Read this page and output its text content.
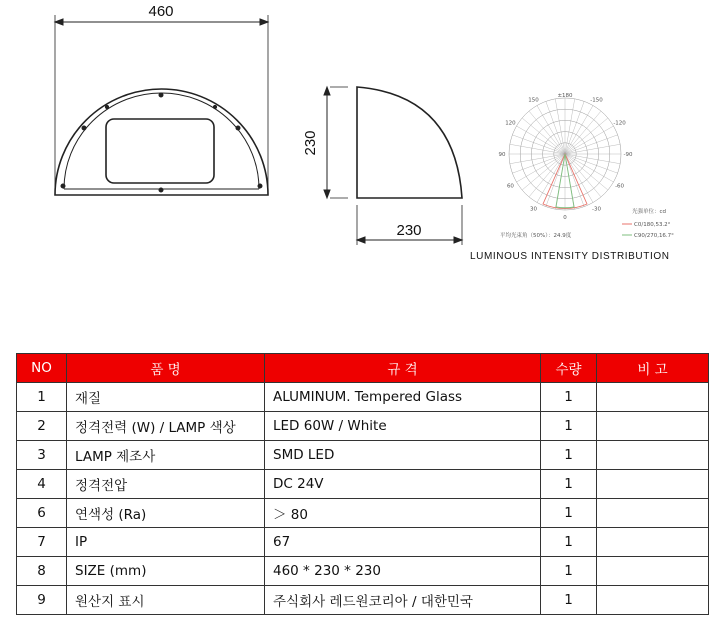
460
230
230
-150
150
-120
120
-90
90
-60
60
-30
30
0
±180
光强单位：cd
C0/180,53.2°
C90/270,16.7°
平均光束角（50%）：24.9度
LUMINOUS INTENSITY DISTRIBUTION
NO	품 명	규 격	수량	비 고
1	재질	ALUMINUM. Tempered Glass	1	
2	정격전력 (W) / LAMP 색상	LED 60W / White	1	
3	LAMP 제조사	SMD LED	1	
4	정격전압	DC 24V	1	
6	연색성 (Ra)	＞ 80	1	
7	IP	67	1	
8	SIZE (mm)	460 * 230 * 230	1	
9	원산지 표시	주식회사 레드원코리아 / 대한민국	1	
